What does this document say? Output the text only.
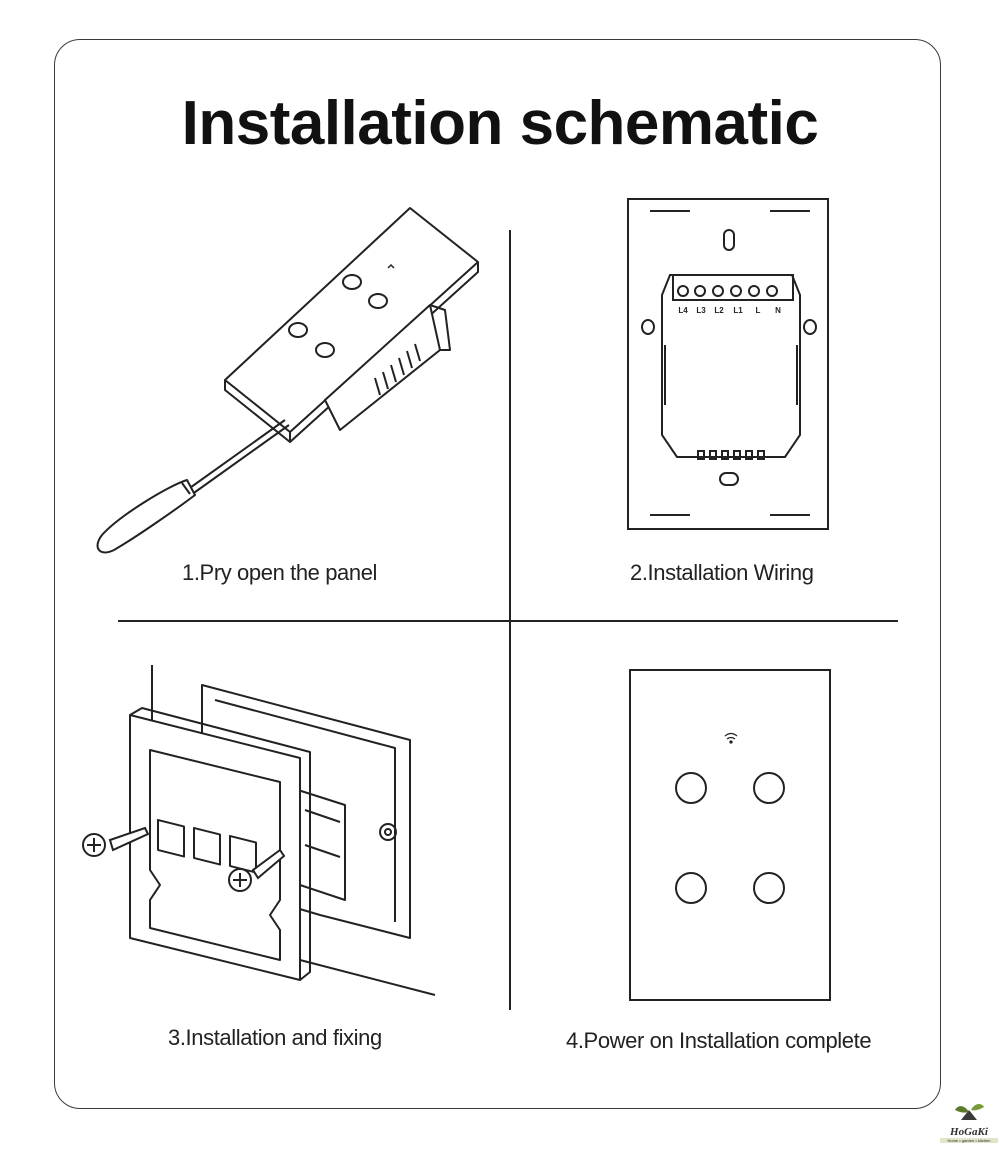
Installation schematic
1.Pry open the panel
L4 L3 L2 L1 L N
2.Installation Wiring
3.Installation and fixing	4.Power on Installation complete
HoGaKi
Home • garden • kitchen
